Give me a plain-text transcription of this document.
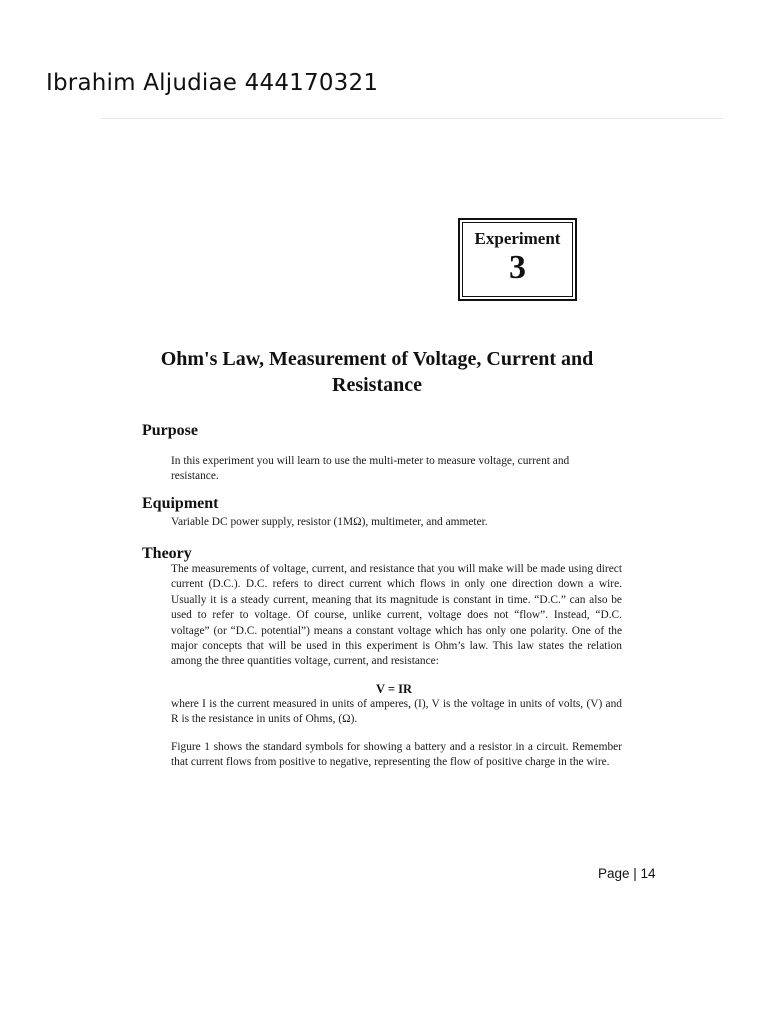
Ibrahim Aljudiae 444170321
Experiment
3
Ohm's Law, Measurement of Voltage, Current and
Resistance
Purpose
In this experiment you will learn to use the multi-meter to measure voltage, current and resistance.
Equipment
Variable DC power supply, resistor (1MΩ), multimeter, and ammeter.
Theory
The measurements of voltage, current, and resistance that you will make will be made using direct current (D.C.). D.C. refers to direct current which flows in only one direction down a wire. Usually it is a steady current, meaning that its magnitude is constant in time. “D.C.” can also be used to refer to voltage. Of course, unlike current, voltage does not “flow”. Instead, “D.C. voltage” (or “D.C. potential”) means a constant voltage which has only one polarity. One of the major concepts that will be used in this experiment is Ohm’s law. This law states the relation among the three quantities voltage, current, and resistance:
V = IR
where I is the current measured in units of amperes, (I), V is the voltage in units of volts, (V) and R is the resistance in units of Ohms, (Ω).
Figure 1 shows the standard symbols for showing a battery and a resistor in a circuit. Remember that current flows from positive to negative, representing the flow of positive charge in the wire.
Page | 14
